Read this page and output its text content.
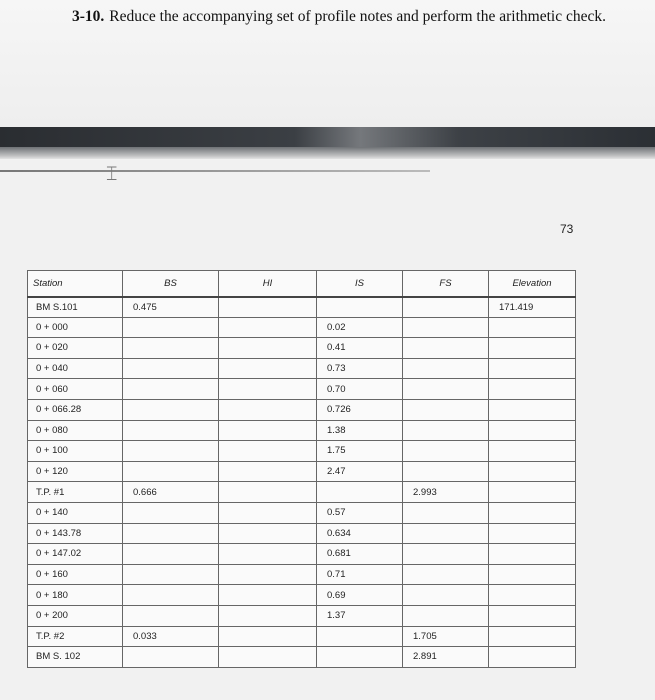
3-10. Reduce the accompanying set of profile notes and perform the arithmetic check.
⌶
73
Station	BS	HI	IS	FS	Elevation
BM S.101	0.475				171.419
0 + 000			0.02		
0 + 020			0.41		
0 + 040			0.73		
0 + 060			0.70		
0 + 066.28			0.726		
0 + 080			1.38		
0 + 100			1.75		
0 + 120			2.47		
T.P. #1	0.666			2.993	
0 + 140			0.57		
0 + 143.78			0.634		
0 + 147.02			0.681		
0 + 160			0.71		
0 + 180			0.69		
0 + 200			1.37		
T.P. #2	0.033			1.705	
BM S. 102				2.891	
